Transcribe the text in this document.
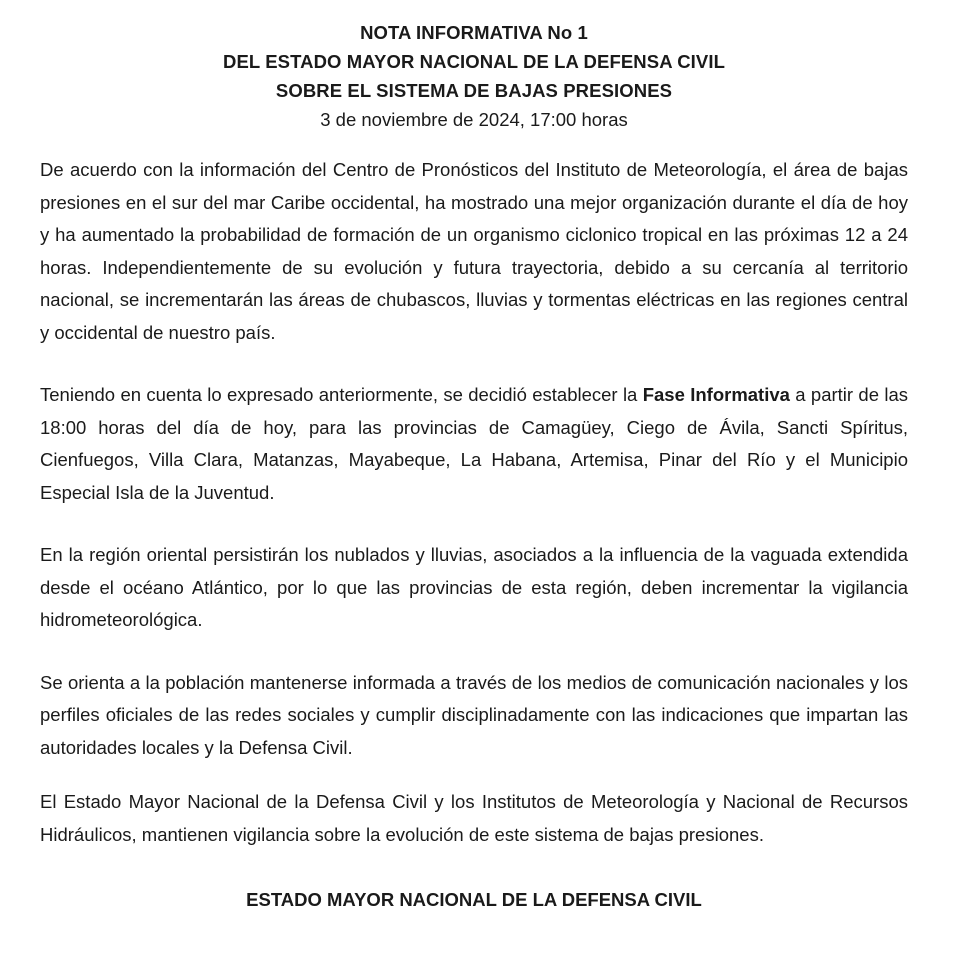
NOTA INFORMATIVA No 1
DEL ESTADO MAYOR NACIONAL DE LA DEFENSA CIVIL
SOBRE EL SISTEMA DE BAJAS PRESIONES
3 de noviembre de 2024, 17:00 horas

De acuerdo con la información del Centro de Pronósticos del Instituto de Meteorología, el área de bajas presiones en el sur del mar Caribe occidental, ha mostrado una mejor organización durante el día de hoy y ha aumentado la probabilidad de formación de un organismo ciclonico tropical en las próximas 12 a 24 horas. Independientemente de su evolución y futura trayectoria, debido a su cercanía al territorio nacional, se incrementarán las áreas de chubascos, lluvias y tormentas eléctricas en las regiones central y occidental de nuestro país.

Teniendo en cuenta lo expresado anteriormente, se decidió establecer la Fase Informativa a partir de las 18:00 horas del día de hoy, para las provincias de Camagüey, Ciego de Ávila, Sancti Spíritus, Cienfuegos, Villa Clara, Matanzas, Mayabeque, La Habana, Artemisa, Pinar del Río y el Municipio Especial Isla de la Juventud.

En la región oriental persistirán los nublados y lluvias, asociados a la influencia de la vaguada extendida desde el océano Atlántico, por lo que las provincias de esta región, deben incrementar la vigilancia hidrometeorológica.

Se orienta a la población mantenerse informada a través de los medios de comunicación nacionales y los perfiles oficiales de las redes sociales y cumplir disciplinadamente con las indicaciones que impartan las autoridades locales y la Defensa Civil.

El Estado Mayor Nacional de la Defensa Civil y los Institutos de Meteorología y Nacional de Recursos Hidráulicos, mantienen vigilancia sobre la evolución de este sistema de bajas presiones.

ESTADO MAYOR NACIONAL DE LA DEFENSA CIVIL
